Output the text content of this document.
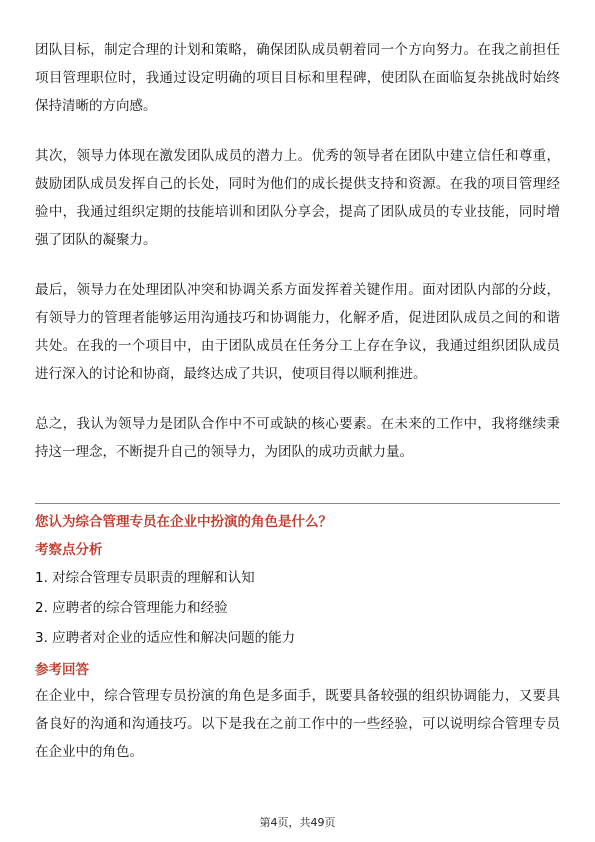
团队目标，制定合理的计划和策略，确保团队成员朝着同一个方向努力。在我之前担任项目管理职位时，我通过设定明确的项目目标和里程碑，使团队在面临复杂挑战时始终保持清晰的方向感。

其次，领导力体现在激发团队成员的潜力上。优秀的领导者在团队中建立信任和尊重，鼓励团队成员发挥自己的长处，同时为他们的成长提供支持和资源。在我的项目管理经验中，我通过组织定期的技能培训和团队分享会，提高了团队成员的专业技能，同时增强了团队的凝聚力。

最后，领导力在处理团队冲突和协调关系方面发挥着关键作用。面对团队内部的分歧，有领导力的管理者能够运用沟通技巧和协调能力，化解矛盾，促进团队成员之间的和谐共处。在我的一个项目中，由于团队成员在任务分工上存在争议，我通过组织团队成员进行深入的讨论和协商，最终达成了共识，使项目得以顺利推进。

总之，我认为领导力是团队合作中不可或缺的核心要素。在未来的工作中，我将继续秉持这一理念，不断提升自己的领导力，为团队的成功贡献力量。

您认为综合管理专员在企业中扮演的角色是什么？

考察点分析

1. 对综合管理专员职责的理解和认知
2. 应聘者的综合管理能力和经验
3. 应聘者对企业的适应性和解决问题的能力

参考回答

在企业中，综合管理专员扮演的角色是多面手，既要具备较强的组织协调能力，又要具备良好的沟通和沟通技巧。以下是我在之前工作中的一些经验，可以说明综合管理专员在企业中的角色。

第4页，共49页
